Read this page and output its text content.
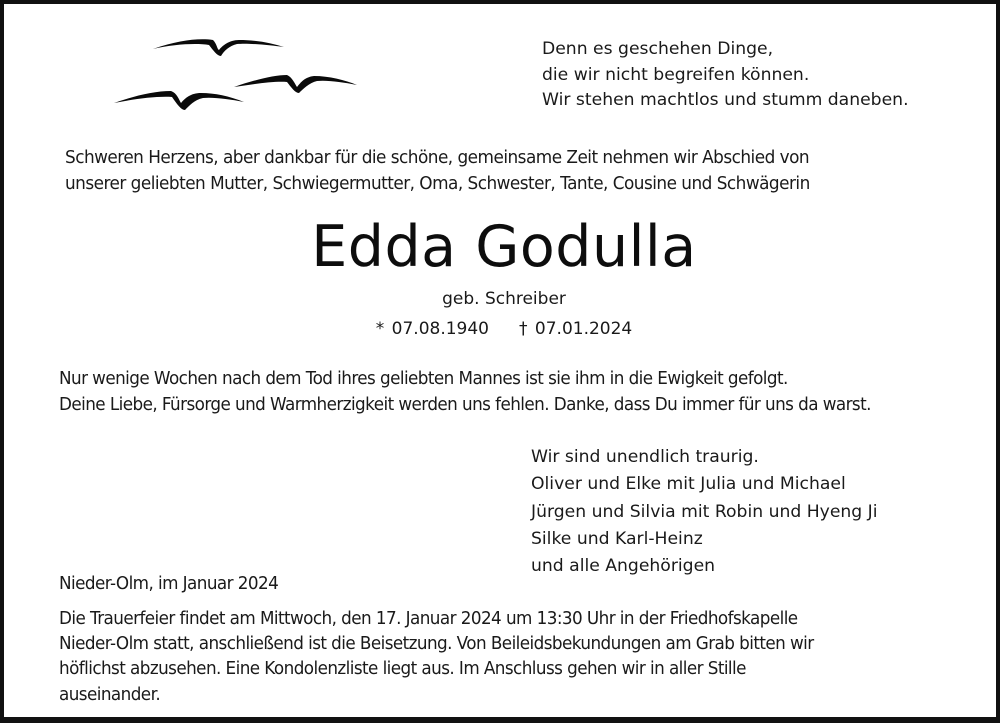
Denn es geschehen Dinge,
die wir nicht begreifen können.
Wir stehen machtlos und stumm daneben.
Schweren Herzens, aber dankbar für die schöne, gemeinsame Zeit nehmen wir Abschied von
unserer geliebten Mutter, Schwiegermutter, Oma, Schwester, Tante, Cousine und Schwägerin
Edda Godulla
geb. Schreiber
* 07.08.1940 † 07.01.2024
Nur wenige Wochen nach dem Tod ihres geliebten Mannes ist sie ihm in die Ewigkeit gefolgt.
Deine Liebe, Fürsorge und Warmherzigkeit werden uns fehlen. Danke, dass Du immer für uns da warst.
Wir sind unendlich traurig.
Oliver und Elke mit Julia und Michael
Jürgen und Silvia mit Robin und Hyeng Ji
Silke und Karl-Heinz
und alle Angehörigen
Nieder-Olm, im Januar 2024
Die Trauerfeier findet am Mittwoch, den 17. Januar 2024 um 13:30 Uhr in der Friedhofskapelle
Nieder-Olm statt, anschließend ist die Beisetzung. Von Beileidsbekundungen am Grab bitten wir
höflichst abzusehen. Eine Kondolenzliste liegt aus. Im Anschluss gehen wir in aller Stille
auseinander.
